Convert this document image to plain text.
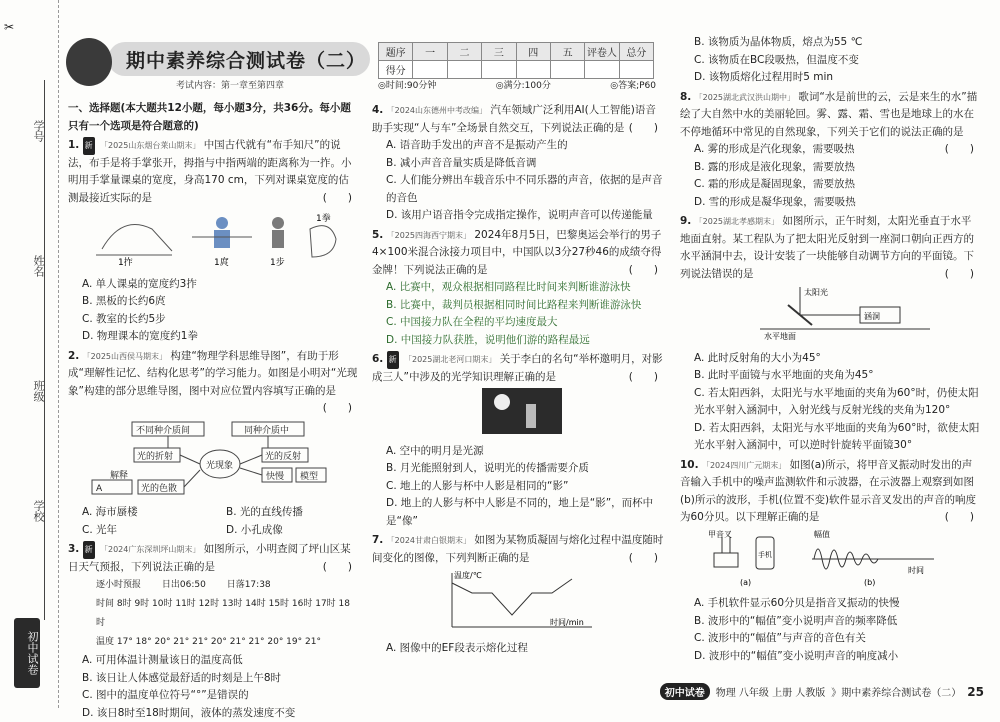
✂
学号
姓名
班级
学校
初中试卷
期中素养综合测试卷（二）
考试内容：第一章至第四章
题序	一	二	三	四	五	评卷人	总分
得分							
◎时间:90分钟	◎满分:100分	◎答案;P60
一、选择题(本大题共12小题，每小题3分，共36分。每小题只有一个选项是符合题意的)
1. 新 「2025山东烟台莱山期末」 中国古代就有“布手知尺”的说法，布手是将手掌张开，拇指与中指两端的距离称为一拃。小明用手掌量课桌的宽度，身高170 cm，下列对课桌宽度的估测最接近实际的是	(　　)
1拃	1庹	1步
1拳
A. 单人课桌的宽度约3拃
B. 黑板的长约6庹
C. 教室的长约5步
D. 物理课本的宽度约1拳
2. 「2025山西侯马期末」 构建“物理学科思维导图”，有助于形成“理解性记忆、结构化思考”的学习能力。如图是小明对“光现象”构建的部分思维导图，图中对应位置内容填写正确的是
(　　)
不同种介质间	同种介质中
光的折射
光现象
光的反射
A
解释
光的色散
快慢 模型
A. 海市蜃楼	B. 光的直线传播
C. 光年	D. 小孔成像
3. 新 「2024广东深圳坪山期末」 如图所示，小明查阅了坪山区某日天气预报，下列说法正确的是	(　　)
逐小时预报   日出06:50   日落17:38
时间 8时 9时 10时 11时 12时 13时 14时 15时 16时 17时 18时
温度 17° 18° 20° 21° 21° 20° 21° 21° 20° 19° 21°
A. 可用体温计测量该日的温度高低
B. 该日让人体感觉最舒适的时刻是上午8时
C. 图中的温度单位符号“°”是错误的
D. 该日8时至18时期间，液体的蒸发速度不变
4. 「2024山东德州中考改编」 汽车领域广泛利用AI(人工智能)语音助手实现“人与车”全场景自然交互，下列说法正确的是 (　　)
A. 语音助手发出的声音不是振动产生的
B. 减小声音音量实质是降低音调
C. 人们能分辨出车载音乐中不同乐器的声音，依据的是声音的音色
D. 该用户语音指令完成指定操作，说明声音可以传递能量
5. 「2025四海西宁期末」 2024年8月5日，巴黎奥运会举行的男子4×100米混合泳接力项目中，中国队以3分27秒46的成绩夺得金牌！下列说法正确的是	(　　)
A. 比赛中，观众根据相同路程比时间来判断谁游泳快
B. 比赛中，裁判员根据相同时间比路程来判断谁游泳快
C. 中国接力队在全程的平均速度最大
D. 中国接力队获胜，说明他们游的路程最远
6. 新 「2025湖北老河口期末」 关于李白的名句“举杯邀明月，对影成三人”中涉及的光学知识理解正确的是	(　　)
A. 空中的明月是光源
B. 月光能照射到人，说明光的传播需要介质
C. 地上的人影与杯中人影是相同的“影”
D. 地上的人影与杯中人影是不同的，地上是“影”，而杯中是“像”
7. 「2024甘肃白银期末」 如图为某物质凝固与熔化过程中温度随时间变化的图像，下列判断正确的是	(　　)
温度/℃
时间/min
A. 图像中的EF段表示熔化过程
B. 该物质为晶体物质，熔点为55 ℃
C. 该物质在BC段吸热，但温度不变
D. 该物质熔化过程用时5 min
8. 「2025湖北武汉洪山期中」 歌词“水是前世的云，云是来生的水”描绘了大自然中水的美丽轮回。雾、露、霜、雪也是地球上的水在不停地循环中常见的自然现象，下列关于它们的说法正确的是
(　　)
A. 雾的形成是汽化现象，需要吸热
B. 露的形成是液化现象，需要放热
C. 霜的形成是凝固现象，需要放热
D. 雪的形成是凝华现象，需要吸热
9. 「2025湖北孝感期末」 如图所示，正午时刻，太阳光垂直于水平地面直射。某工程队为了把太阳光反射到一座洞口朝向正西方的水平涵洞中去，设计安装了一块能够自动调节方向的平面镜。下列说法错误的是	(　　)
太阳光
涵洞
水平地面
A. 此时反射角的大小为45°
B. 此时平面镜与水平地面的夹角为45°
C. 若太阳西斜，太阳光与水平地面的夹角为60°时，仍使太阳光水平射入涵洞中，入射光线与反射光线的夹角为120°
D. 若太阳西斜，太阳光与水平地面的夹角为60°时，欲使太阳光水平射入涵洞中，可以逆时针旋转平面镜30°
10. 「2024四川广元期末」 如图(a)所示，将甲音叉振动时发出的声音输入手机中的噪声监测软件和示波器，在示波器上观察到如图(b)所示的波形，手机(位置不变)软件显示音叉发出的声音的响度为60分贝。以下理解正确的是	(　　)
甲音叉
手机
幅值
时间
(a)	(b)
A. 手机软件显示60分贝是指音叉振动的快慢
B. 波形中的“幅值”变小说明声音的频率降低
C. 波形中的“幅值”与声音的音色有关
D. 波形中的“幅值”变小说明声音的响度减小
初中试卷	物理 八年级 上册 人教版 》期中素养综合测试卷（二） 25
